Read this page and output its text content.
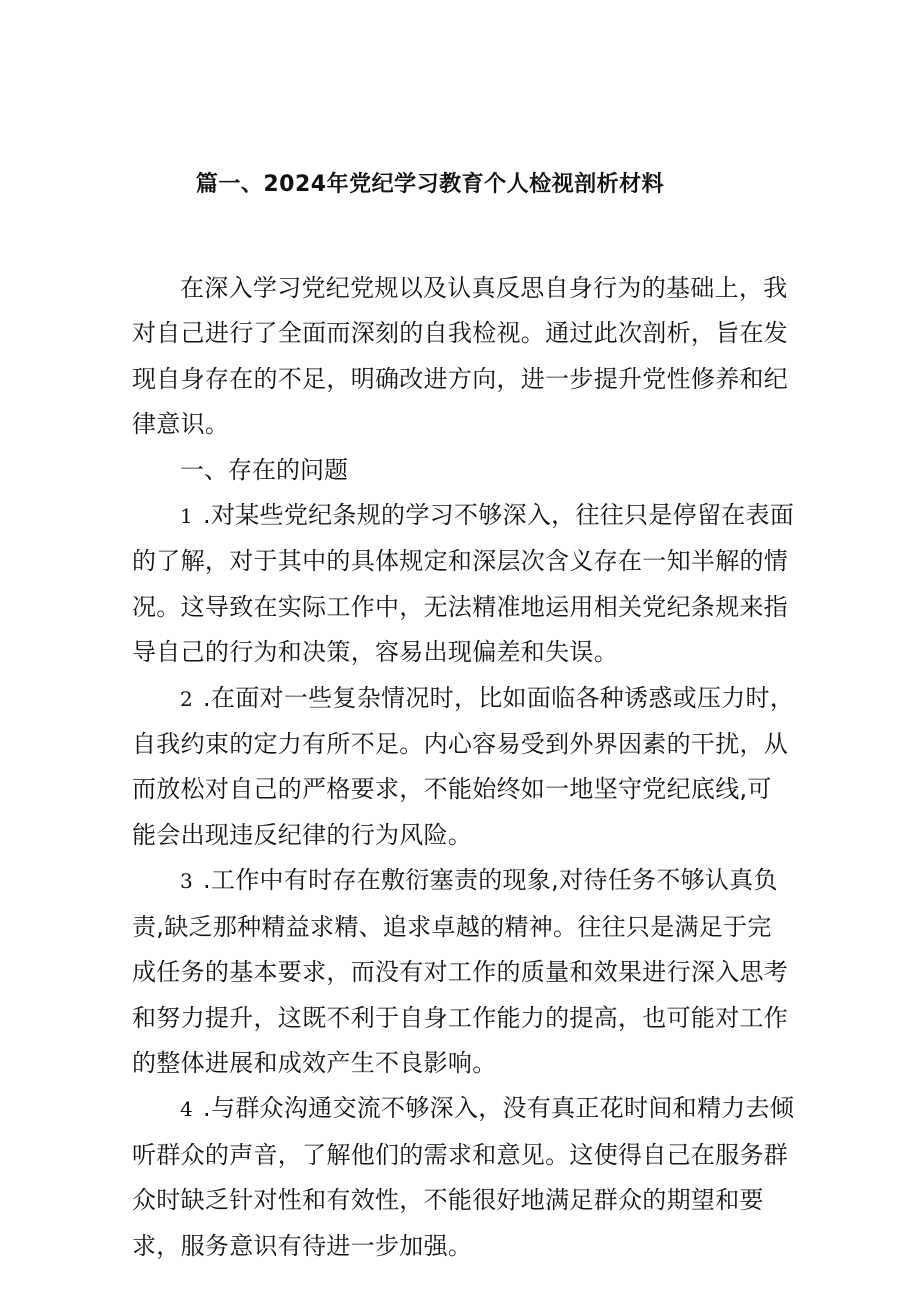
篇一、2024年党纪学习教育个人检视剖析材料

在深入学习党纪党规以及认真反思自身行为的基础上，我对自己进行了全面而深刻的自我检视。通过此次剖析，旨在发现自身存在的不足，明确改进方向，进一步提升党性修养和纪律意识。

一、存在的问题

1 .对某些党纪条规的学习不够深入，往往只是停留在表面的了解，对于其中的具体规定和深层次含义存在一知半解的情况。这导致在实际工作中，无法精准地运用相关党纪条规来指导自己的行为和决策，容易出现偏差和失误。

2 .在面对一些复杂情况时，比如面临各种诱惑或压力时，自我约束的定力有所不足。内心容易受到外界因素的干扰，从而放松对自己的严格要求，不能始终如一地坚守党纪底线,可能会出现违反纪律的行为风险。

3 .工作中有时存在敷衍塞责的现象,对待任务不够认真负责,缺乏那种精益求精、追求卓越的精神。往往只是满足于完成任务的基本要求，而没有对工作的质量和效果进行深入思考和努力提升，这既不利于自身工作能力的提高，也可能对工作的整体进展和成效产生不良影响。

4 .与群众沟通交流不够深入，没有真正花时间和精力去倾听群众的声音，了解他们的需求和意见。这使得自己在服务群众时缺乏针对性和有效性，不能很好地满足群众的期望和要求，服务意识有待进一步加强。
